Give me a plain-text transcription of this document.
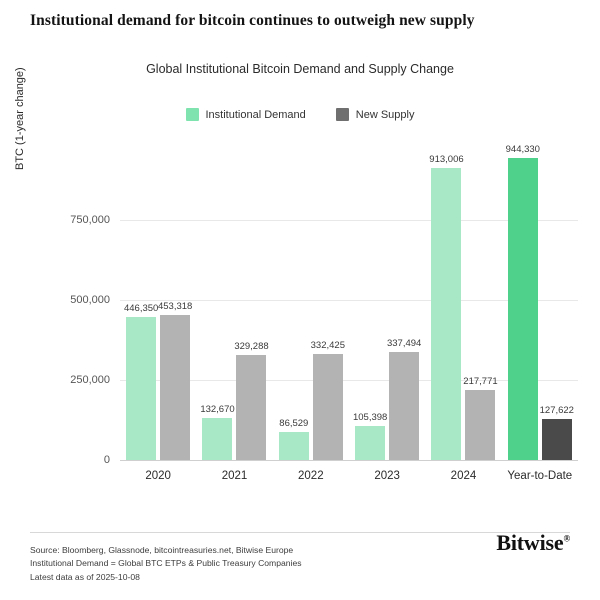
Institutional demand for bitcoin continues to outweigh new supply
Global Institutional Bitcoin Demand and Supply Change
Institutional Demand	New Supply
BTC (1-year change)
0
250,000
500,000
750,000
446,350 453,318
132,670
329,288
86,529
332,425
105,398
337,494
913,006
217,771
944,330
127,622
2020	2021	2022	2023	2024	Year-to-Date
Source: Bloomberg, Glassnode, bitcointreasuries.net, Bitwise Europe
Institutional Demand = Global BTC ETPs & Public Treasury Companies
Latest data as of 2025-10-08
Bitwise®
